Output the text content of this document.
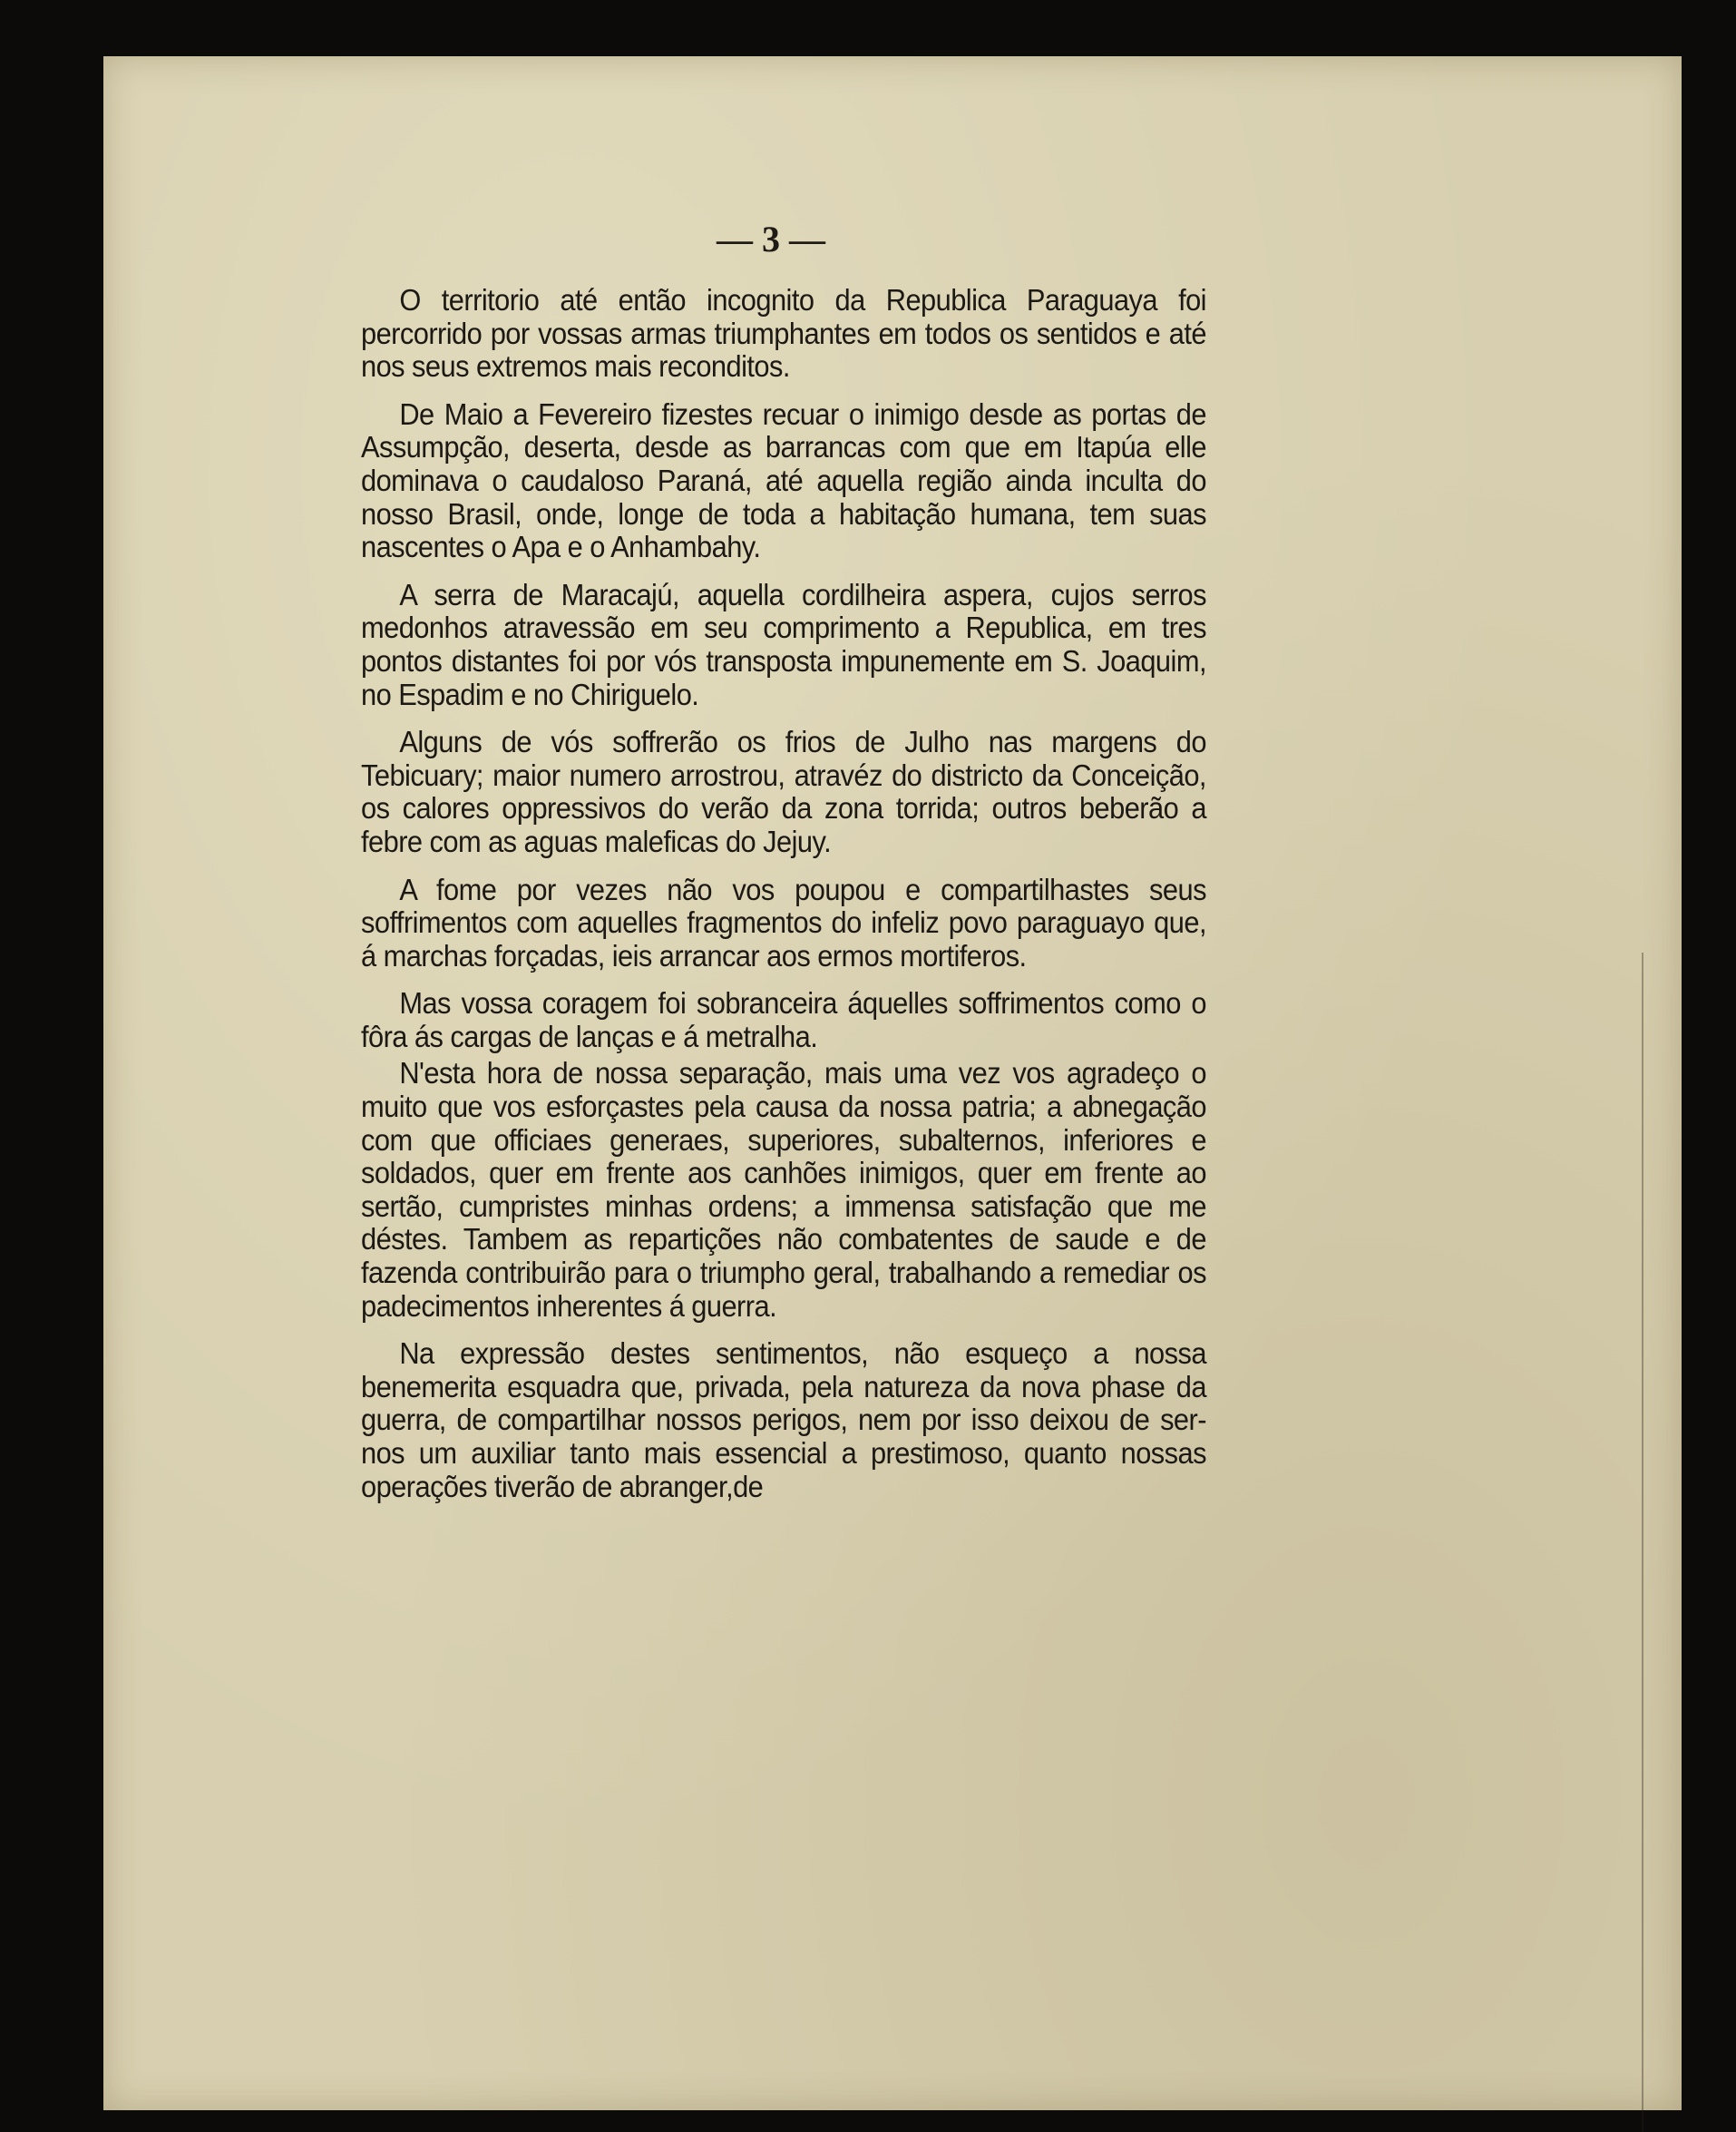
— 3 —

O territorio até então incognito da Republica Paraguaya foi percorrido por vossas armas triumphantes em todos os sentidos e até nos seus extremos mais reconditos.

De Maio a Fevereiro fizestes recuar o inimigo desde as portas de Assumpção, deserta, desde as barrancas com que em Itapúa elle dominava o caudaloso Paraná, até aquella região ainda inculta do nosso Brasil, onde, longe de toda a habitação humana, tem suas nascentes o Apa e o Anhambahy.

A serra de Maracajú, aquella cordilheira aspera, cujos serros medonhos atravessão em seu comprimento a Republica, em tres pontos distantes foi por vós transposta impunemente em S. Joaquim, no Espadim e no Chiriguelo.

Alguns de vós soffrerão os frios de Julho nas margens do Tebicuary; maior numero arrostrou, atravéz do districto da Conceição, os calores oppressivos do verão da zona torrida; outros beberão a febre com as aguas maleficas do Jejuy.

A fome por vezes não vos poupou e compartilhastes seus soffrimentos com aquelles fragmentos do infeliz povo paraguayo que, á marchas forçadas, ieis arrancar aos ermos mortiferos.

Mas vossa coragem foi sobranceira áquelles soffrimentos como o fôra ás cargas de lanças e á metralha.

N'esta hora de nossa separação, mais uma vez vos agradeço o muito que vos esforçastes pela causa da nossa patria; a abnegação com que officiaes generaes, superiores, subalternos, inferiores e soldados, quer em frente aos canhões inimigos, quer em frente ao sertão, cumpristes minhas ordens; a immensa satisfação que me déstes. Tambem as repartições não combatentes de saude e de fazenda contribuirão para o triumpho geral, trabalhando a remediar os padecimentos inherentes á guerra.

Na expressão destes sentimentos, não esqueço a nossa benemerita esquadra que, privada, pela natureza da nova phase da guerra, de compartilhar nossos perigos, nem por isso deixou de ser-nos um auxiliar tanto mais essencial a prestimoso, quanto nossas operações tiverão de abranger,de
